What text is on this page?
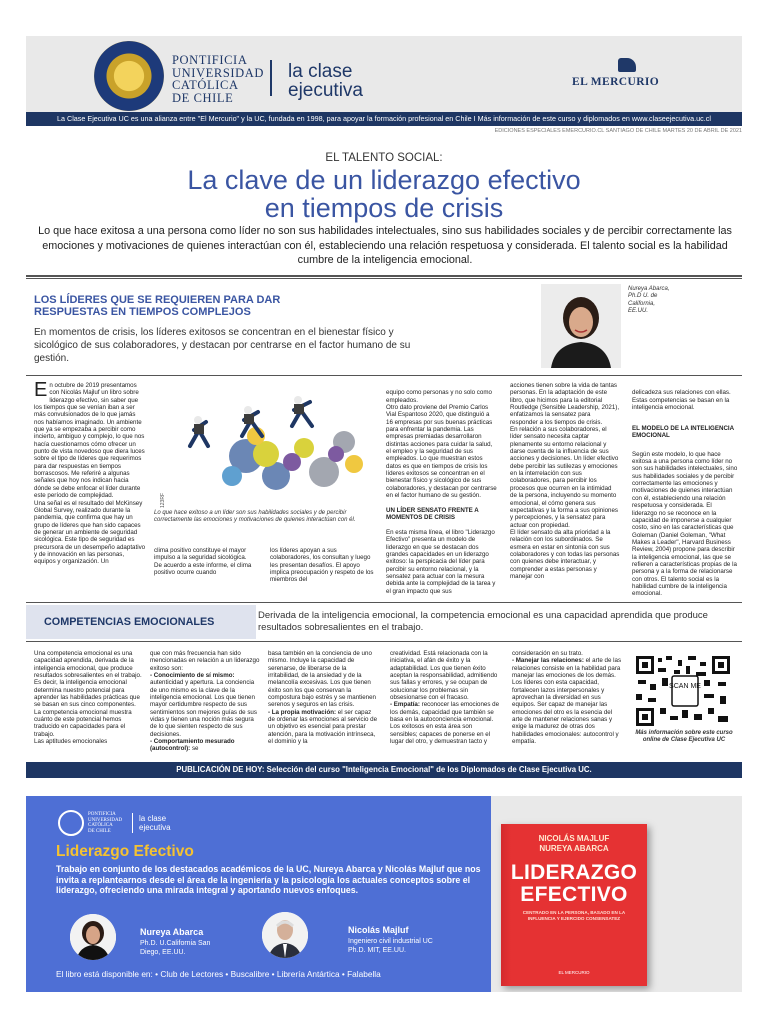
PONTIFICIA
UNIVERSIDAD
CATÓLICA
DE CHILE
la clase
ejecutiva	EL MERCURIO
La Clase Ejecutiva UC es una alianza entre "El Mercurio" y la UC, fundada en 1998, para apoyar la formación profesional en Chile I Más información de este curso y diplomados en www.claseejecutiva.uc.cl
EDICIONES ESPECIALES EMERCURIO.CL SANTIAGO DE CHILE MARTES 20 DE ABRIL DE 2021
EL TALENTO SOCIAL:
La clave de un liderazgo efectivo
en tiempos de crisis
Lo que hace exitosa a una persona como líder no son sus habilidades intelectuales, sino sus habilidades sociales y de percibir correctamente las emociones y motivaciones de quienes interactúan con él, estableciendo una relación respetuosa y considerada. El talento social es la habilidad cumbre de la inteligencia emocional.
LOS LÍDERES QUE SE REQUIEREN PARA DAR RESPUESTAS EN TIEMPOS COMPLEJOS
En momentos de crisis, los líderes exitosos se concentran en el bienestar físico y sicológico de sus colaboradores, y destacan por centrarse en el factor humano de su gestión.
Nureya Abarca,
Ph.D U. de
California,
EE.UU.
En octubre de 2019 presentamos con Nicolás Majluf un libro sobre liderazgo efectivo, sin saber que los tiempos que se venían iban a ser más convulsionados de lo que jamás nos habíamos imaginado. Un ambiente que ya se empezaba a percibir como incierto, ambiguo y complejo, lo que nos hacía cuestionarnos cómo ofrecer un punto de vista novedoso que diera luces sobre el tipo de líderes que requerimos para dar respuestas en tiempos borrascosos. Me referiré a algunas señales que hoy nos indican hacia dónde se debe enfocar el líder durante este período de complejidad.
Una señal es el resultado del McKinsey Global Survey, realizado durante la pandemia, que confirma que hay un grupo de líderes que han sido capaces de generar un ambiente de seguridad sicológica. Este tipo de seguridad es precursora de un desempeño adaptativo y de innovación en las personas, equipos y organización. Un
123RF
Lo que hace exitoso a un líder son sus habilidades sociales y de percibir correctamente las emociones y motivaciones de quienes interactúan con él.
clima positivo constituye el mayor impulso a la seguridad sicológica.
De acuerdo a este informe, el clima positivo ocurre cuando
los líderes apoyan a sus colaboradores, los consultan y luego les presentan desafíos. El apoyo implica preocupación y respeto de los miembros del

equipo como personas y no solo como empleados.
Otro dato proviene del Premio Carlos Vial Espantoso 2020, que distinguió a 16 empresas por sus buenas prácticas para enfrentar la pandemia. Las empresas premiadas desarrollaron distintas acciones para cuidar la salud, el empleo y la seguridad de sus empleados. Lo que muestran estos datos es que en tiempos de crisis los líderes exitosos se concentran en el bienestar físico y sicológico de sus colaboradores, y destacan por centrarse en el factor humano de su gestión.

UN LÍDER SENSATO FRENTE A MOMENTOS DE CRISIS

En esta misma línea, el libro "Liderazgo Efectivo" presenta un modelo de liderazgo en que se destacan dos grandes capacidades en un liderazgo exitoso: la perspicacia del líder para percibir su entorno relacional, y la sensatez para actuar con la mesura debida ante la complejidad de la tarea y el gran impacto que sus

acciones tienen sobre la vida de tantas personas. En la adaptación de este libro, que hicimos para la editorial Routledge (Sensible Leadership, 2021), enfatizamos la sensatez para responder a los tiempos de crisis.
En relación a sus colaboradores, el líder sensato necesita captar plenamente su entorno relacional y darse cuenta de la influencia de sus acciones y decisiones. Un líder efectivo debe percibir las sutilezas y emociones en la interrelación con sus colaboradores, para percibir los procesos que ocurren en la intimidad de la persona, incluyendo su momento emocional, el cómo genera sus expectativas y la forma a sus opiniones y percepciones, y la sensatez para actuar con propiedad.
El líder sensato da alta prioridad a la relación con los subordinados. Se esmera en estar en sintonía con sus colaboradores y con todas las personas con quienes debe interactuar, y comprender a estas personas y manejar con

delicadeza sus relaciones con ellas. Estas competencias se basan en la inteligencia emocional.

EL MODELO DE LA INTELIGENCIA EMOCIONAL

Según este modelo, lo que hace exitosa a una persona como líder no son sus habilidades intelectuales, sino sus habilidades sociales y de percibir correctamente las emociones y motivaciones de quienes interactúan con él, estableciendo una relación respetuosa y considerada. El liderazgo no se reconoce en la capacidad de imponerse a cualquier costo, sino en las características que Goleman (Daniel Goleman, "What Makes a Leader", Harvard Business Review, 2004) propone para describir la inteligencia emocional, las que se refieren a características propias de la persona y a la forma de relacionarse con otros. El talento social es la habilidad cumbre de la inteligencia emocional.

COMPETENCIAS EMOCIONALES
Derivada de la inteligencia emocional, la competencia emocional es una capacidad aprendida que produce resultados sobresalientes en el trabajo.
Una competencia emocional es una capacidad aprendida, derivada de la inteligencia emocional, que produce resultados sobresalientes en el trabajo. Es decir, la inteligencia emocional determina nuestro potencial para aprender las habilidades prácticas que se basan en sus cinco componentes. La competencia emocional muestra cuánto de este potencial hemos traducido en capacidades para el trabajo.
Las aptitudes emocionales

que con más frecuencia han sido mencionadas en relación a un liderazgo exitoso son:

- Conocimiento de sí mismo: autenticidad y apertura. La conciencia de uno mismo es la clave de la inteligencia emocional. Los que tienen mayor certidumbre respecto de sus sentimientos son mejores guías de sus vidas y tienen una noción más segura de lo que sienten respecto de sus decisiones.

- Comportamiento mesurado (autocontrol): se

basa también en la conciencia de uno mismo. Incluye la capacidad de serenarse, de liberarse de la irritabilidad, de la ansiedad y de la melancolía excesivas. Los que tienen éxito son los que conservan la compostura bajo estrés y se mantienen serenos y seguros en las crisis.

- La propia motivación: el ser capaz de ordenar las emociones al servicio de un objetivo es esencial para prestar atención, para la motivación intrínseca, el dominio y la

creatividad. Está relacionada con la iniciativa, el afán de éxito y la adaptabilidad. Los que tienen éxito aceptan la responsabilidad, admitiendo sus fallas y errores, y se ocupan de solucionar los problemas sin obsesionarse con el fracaso.

- Empatía: reconocer las emociones de los demás, capacidad que también se basa en la autoconciencia emocional. Los exitosos en esta área son sensibles; capaces de ponerse en el lugar del otro, y demuestran tacto y

consideración en su trato.

- Manejar las relaciones: el arte de las relaciones consiste en la habilidad para manejar las emociones de los demás. Los líderes con esta capacidad, fortalecen lazos interpersonales y aprovechan la diversidad en sus equipos. Ser capaz de manejar las emociones del otro es la esencia del arte de mantener relaciones sanas y exige la madurez de otras dos habilidades emocionales: autocontrol y empatía.

SCAN ME
Más información sobre este curso online de Clase Ejecutiva UC
PUBLICACIÓN DE HOY: Selección del curso "Inteligencia Emocional" de los Diplomados de Clase Ejecutiva UC.
PONTIFICIA
UNIVERSIDAD
CATÓLICA
DE CHILE
la clase
ejecutiva
Liderazgo Efectivo
Trabajo en conjunto de los destacados académicos de la UC, Nureya Abarca y Nicolás Majluf que nos invita a replantearnos desde el área de la ingeniería y la psicología los actuales conceptos sobre el liderazgo, ofreciendo una mirada integral y aportando nuevos enfoques.
Nureya Abarca
Ph.D. U.California San
Diego, EE.UU.
Nicolás Majluf
Ingeniero civil industrial UC
Ph.D. MIT, EE.UU.
El libro está disponible en: • Club de Lectores • Buscalibre • Librería Antártica • Falabella
NICOLÁS MAJLUF
NUREYA ABARCA
LIDERAZGO
EFECTIVO
CENTRADO EN LA PERSONA, BASADO EN LA INFLUENCIA Y EJERCIDO CONSENSATEZ
EL MERCURIO
